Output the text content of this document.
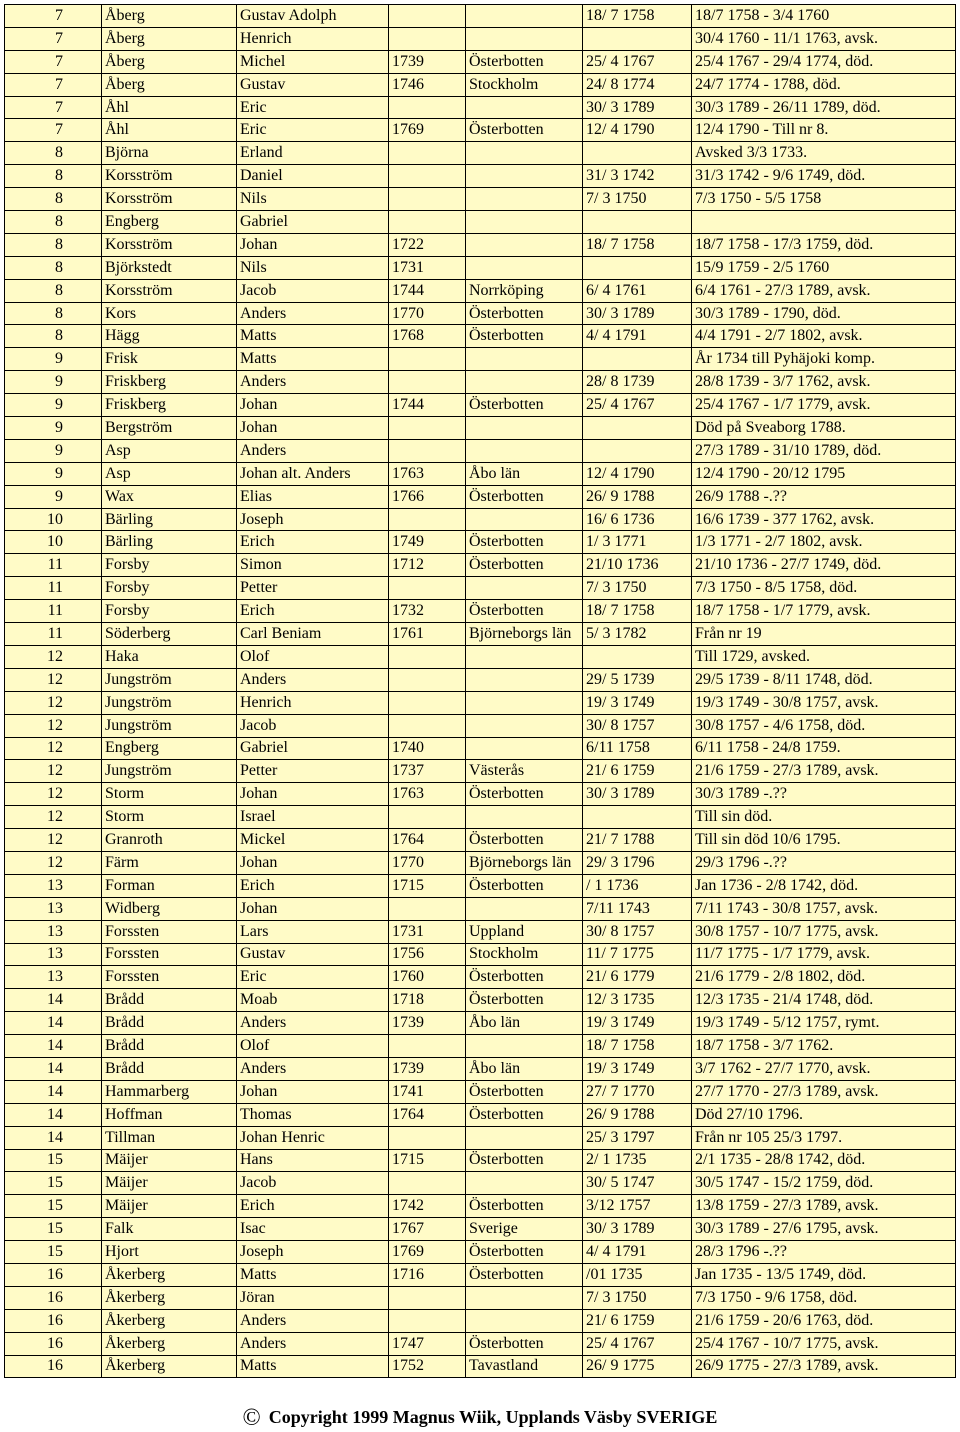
7	Åberg	Gustav Adolph			18/ 7 1758	18/7 1758 - 3/4 1760
7	Åberg	Henrich				30/4 1760 - 11/1 1763, avsk.
7	Åberg	Michel	1739	Österbotten	25/ 4 1767	25/4 1767 - 29/4 1774, död.
7	Åberg	Gustav	1746	Stockholm	24/ 8 1774	24/7 1774 - 1788, död.
7	Åhl	Eric			30/ 3 1789	30/3 1789 - 26/11 1789, död.
7	Åhl	Eric	1769	Österbotten	12/ 4 1790	12/4 1790 - Till nr 8.
8	Björna	Erland				Avsked 3/3 1733.
8	Korsström	Daniel			31/ 3 1742	31/3 1742 - 9/6 1749, död.
8	Korsström	Nils			7/ 3 1750	7/3 1750 - 5/5 1758
8	Engberg	Gabriel				
8	Korsström	Johan	1722		18/ 7 1758	18/7 1758 - 17/3 1759, död.
8	Björkstedt	Nils	1731			15/9 1759 - 2/5 1760
8	Korsström	Jacob	1744	Norrköping	6/ 4 1761	6/4 1761 - 27/3 1789, avsk.
8	Kors	Anders	1770	Österbotten	30/ 3 1789	30/3 1789 - 1790, död.
8	Hägg	Matts	1768	Österbotten	4/ 4 1791	4/4 1791 - 2/7 1802, avsk.
9	Frisk	Matts				År 1734 till Pyhäjoki komp.
9	Friskberg	Anders			28/ 8 1739	28/8 1739 - 3/7 1762, avsk.
9	Friskberg	Johan	1744	Österbotten	25/ 4 1767	25/4 1767 - 1/7 1779, avsk.
9	Bergström	Johan				Död på Sveaborg 1788.
9	Asp	Anders				27/3 1789 - 31/10 1789, död.
9	Asp	Johan alt. Anders	1763	Åbo län	12/ 4 1790	12/4 1790 - 20/12 1795
9	Wax	Elias	1766	Österbotten	26/ 9 1788	26/9 1788 -.??
10	Bärling	Joseph			16/ 6 1736	16/6 1739 - 377 1762, avsk.
10	Bärling	Erich	1749	Österbotten	1/ 3 1771	1/3 1771 - 2/7 1802, avsk.
11	Forsby	Simon	1712	Österbotten	21/10 1736	21/10 1736 - 27/7 1749, död.
11	Forsby	Petter			7/ 3 1750	7/3 1750 - 8/5 1758, död.
11	Forsby	Erich	1732	Österbotten	18/ 7 1758	18/7 1758 - 1/7 1779, avsk.
11	Söderberg	Carl Beniam	1761	Björneborgs län	5/ 3 1782	Från nr 19
12	Haka	Olof				Till 1729, avsked.
12	Jungström	Anders			29/ 5 1739	29/5 1739 - 8/11 1748, död.
12	Jungström	Henrich			19/ 3 1749	19/3 1749 - 30/8 1757, avsk.
12	Jungström	Jacob			30/ 8 1757	30/8 1757 - 4/6 1758, död.
12	Engberg	Gabriel	1740		6/11 1758	6/11 1758 - 24/8 1759.
12	Jungström	Petter	1737	Västerås	21/ 6 1759	21/6 1759 - 27/3 1789, avsk.
12	Storm	Johan	1763	Österbotten	30/ 3 1789	30/3 1789 -.??
12	Storm	Israel				Till sin död.
12	Granroth	Mickel	1764	Österbotten	21/ 7 1788	Till sin död 10/6 1795.
12	Färm	Johan	1770	Björneborgs län	29/ 3 1796	29/3 1796 -.??
13	Forman	Erich	1715	Österbotten	/ 1 1736	Jan 1736 - 2/8 1742, död.
13	Widberg	Johan			7/11 1743	7/11 1743 - 30/8 1757, avsk.
13	Forssten	Lars	1731	Uppland	30/ 8 1757	30/8 1757 - 10/7 1775, avsk.
13	Forssten	Gustav	1756	Stockholm	11/ 7 1775	11/7 1775 - 1/7 1779, avsk.
13	Forssten	Eric	1760	Österbotten	21/ 6 1779	21/6 1779 - 2/8 1802, död.
14	Brådd	Moab	1718	Österbotten	12/ 3 1735	12/3 1735 - 21/4 1748, död.
14	Brådd	Anders	1739	Åbo län	19/ 3 1749	19/3 1749 - 5/12 1757, rymt.
14	Brådd	Olof			18/ 7 1758	18/7 1758 - 3/7 1762.
14	Brådd	Anders	1739	Åbo län	19/ 3 1749	3/7 1762 - 27/7 1770, avsk.
14	Hammarberg	Johan	1741	Österbotten	27/ 7 1770	27/7 1770 - 27/3 1789, avsk.
14	Hoffman	Thomas	1764	Österbotten	26/ 9 1788	Död 27/10 1796.
14	Tillman	Johan Henric			25/ 3 1797	Från nr 105 25/3 1797.
15	Mäijer	Hans	1715	Österbotten	2/ 1 1735	2/1 1735 - 28/8 1742, död.
15	Mäijer	Jacob			30/ 5 1747	30/5 1747 - 15/2 1759, död.
15	Mäijer	Erich	1742	Österbotten	3/12 1757	13/8 1759 - 27/3 1789, avsk.
15	Falk	Isac	1767	Sverige	30/ 3 1789	30/3 1789 - 27/6 1795, avsk.
15	Hjort	Joseph	1769	Österbotten	4/ 4 1791	28/3 1796 -.??
16	Åkerberg	Matts	1716	Österbotten	/01 1735	Jan 1735 - 13/5 1749, död.
16	Åkerberg	Jöran			7/ 3 1750	7/3 1750 - 9/6 1758, död.
16	Åkerberg	Anders			21/ 6 1759	21/6 1759 - 20/6 1763, död.
16	Åkerberg	Anders	1747	Österbotten	25/ 4 1767	25/4 1767 - 10/7 1775, avsk.
16	Åkerberg	Matts	1752	Tavastland	26/ 9 1775	26/9 1775 - 27/3 1789, avsk.
© Copyright 1999 Magnus Wiik, Upplands Väsby SVERIGE
